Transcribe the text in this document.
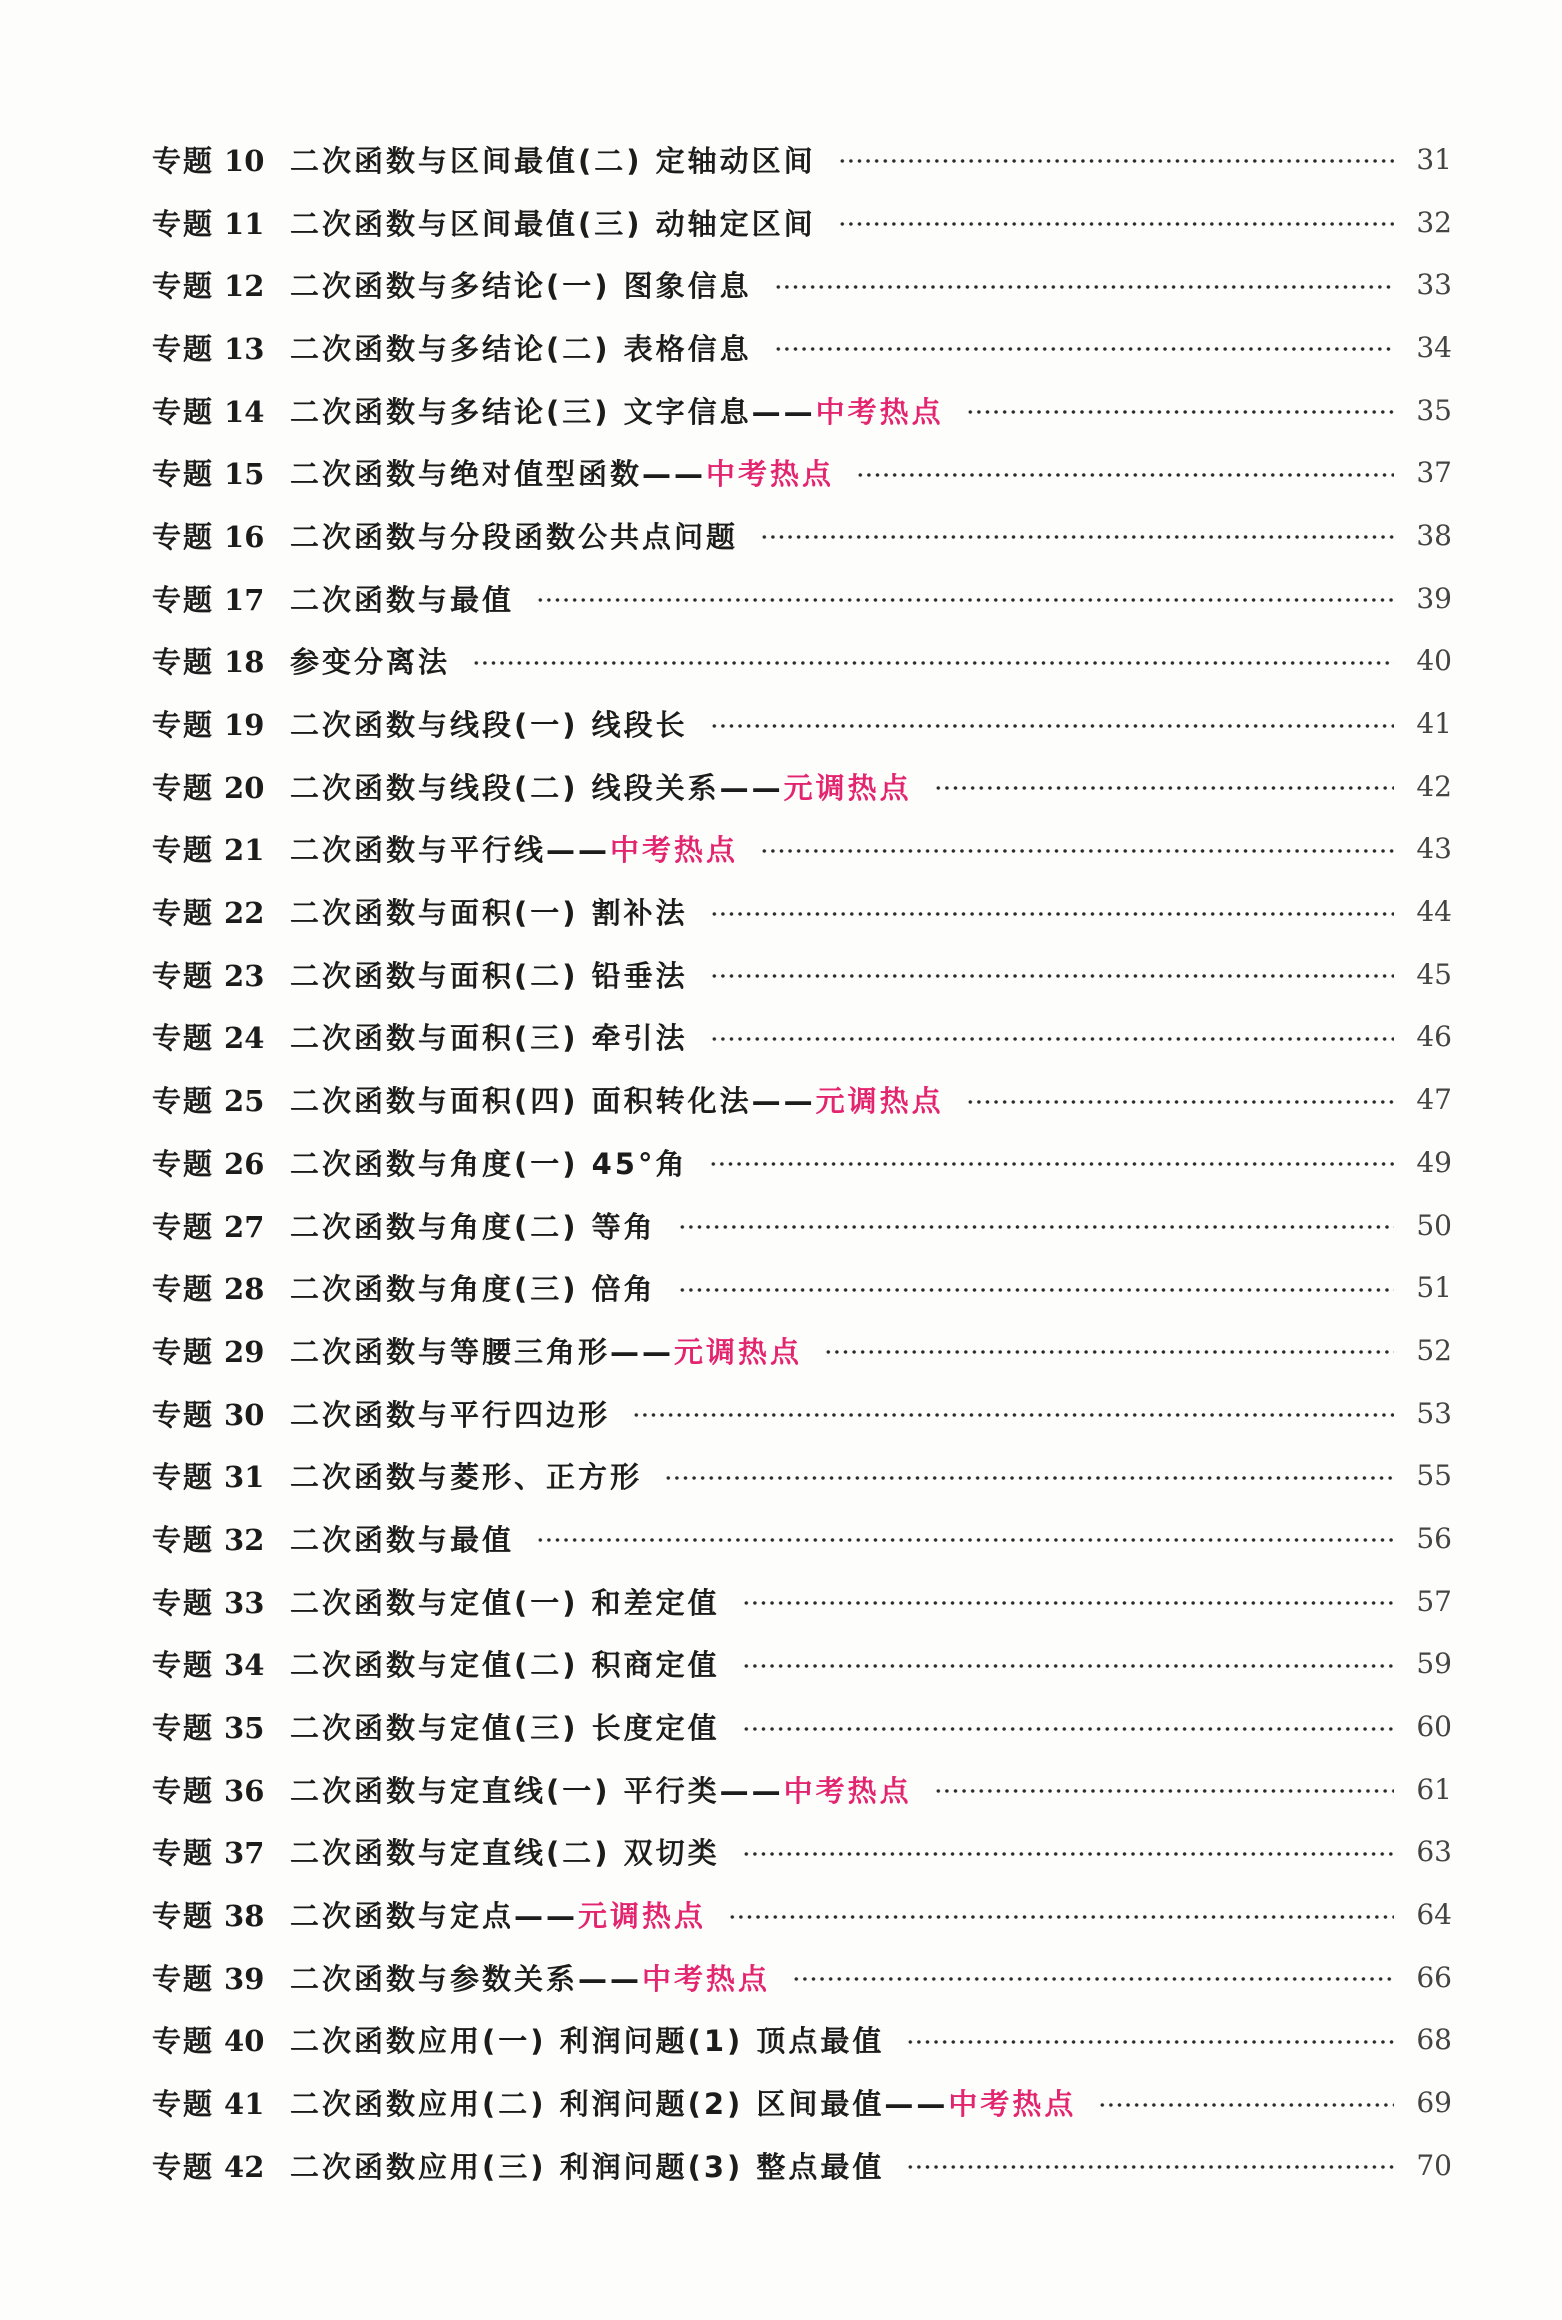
专题 10 二次函数与区间最值(二) 定轴动区间	31
专题 11 二次函数与区间最值(三) 动轴定区间	32
专题 12 二次函数与多结论(一) 图象信息	33
专题 13 二次函数与多结论(二) 表格信息	34
专题 14 二次函数与多结论(三) 文字信息—— 中考热点	35
专题 15 二次函数与绝对值型函数—— 中考热点	37
专题 16 二次函数与分段函数公共点问题	38
专题 17 二次函数与最值	39
专题 18 参变分离法	40
专题 19 二次函数与线段(一) 线段长	41
专题 20 二次函数与线段(二) 线段关系—— 元调热点	42
专题 21 二次函数与平行线—— 中考热点	43
专题 22 二次函数与面积(一) 割补法	44
专题 23 二次函数与面积(二) 铅垂法	45
专题 24 二次函数与面积(三) 牵引法	46
专题 25 二次函数与面积(四) 面积转化法—— 元调热点	47
专题 26 二次函数与角度(一) 45°角	49
专题 27 二次函数与角度(二) 等角	50
专题 28 二次函数与角度(三) 倍角	51
专题 29 二次函数与等腰三角形—— 元调热点	52
专题 30 二次函数与平行四边形	53
专题 31 二次函数与菱形、正方形	55
专题 32 二次函数与最值	56
专题 33 二次函数与定值(一) 和差定值	57
专题 34 二次函数与定值(二) 积商定值	59
专题 35 二次函数与定值(三) 长度定值	60
专题 36 二次函数与定直线(一) 平行类—— 中考热点	61
专题 37 二次函数与定直线(二) 双切类	63
专题 38 二次函数与定点—— 元调热点	64
专题 39 二次函数与参数关系—— 中考热点	66
专题 40 二次函数应用(一) 利润问题(1) 顶点最值	68
专题 41 二次函数应用(二) 利润问题(2) 区间最值—— 中考热点	69
专题 42 二次函数应用(三) 利润问题(3) 整点最值	70
